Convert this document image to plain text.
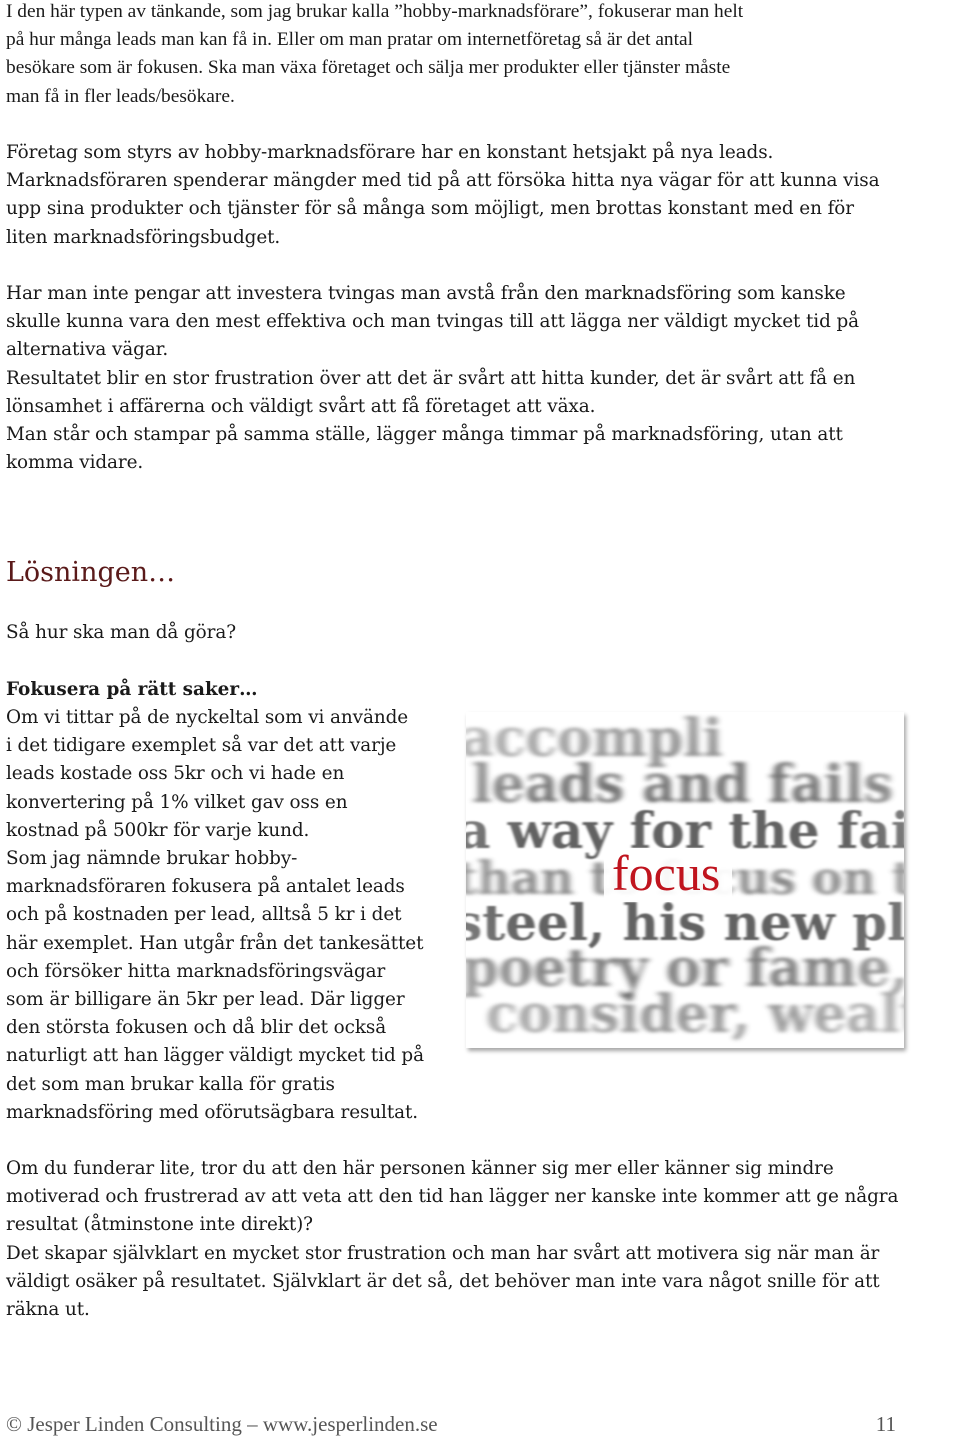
I den här typen av tänkande, som jag brukar kalla ”hobby-marknadsförare”, fokuserar man helt
på hur många leads man kan få in. Eller om man pratar om internetföretag så är det antal
besökare som är fokusen. Ska man växa företaget och sälja mer produkter eller tjänster måste
man få in fler leads/besökare.

Företag som styrs av hobby-marknadsförare har en konstant hetsjakt på nya leads.
Marknadsföraren spenderar mängder med tid på att försöka hitta nya vägar för att kunna visa
upp sina produkter och tjänster för så många som möjligt, men brottas konstant med en för
liten marknadsföringsbudget.

Har man inte pengar att investera tvingas man avstå från den marknadsföring som kanske
skulle kunna vara den mest effektiva och man tvingas till att lägga ner väldigt mycket tid på
alternativa vägar.
Resultatet blir en stor frustration över att det är svårt att hitta kunder, det är svårt att få en
lönsamhet i affärerna och väldigt svårt att få företaget att växa.
Man står och stampar på samma ställe, lägger många timmar på marknadsföring, utan att
komma vidare.

Lösningen…

Så hur ska man då göra?

Fokusera på rätt saker…

Om vi tittar på de nyckeltal som vi använde
i det tidigare exemplet så var det att varje
leads kostade oss 5kr och vi hade en
konvertering på 1% vilket gav oss en
kostnad på 500kr för varje kund.
Som jag nämnde brukar hobby-
marknadsföraren fokusera på antalet leads
och på kostnaden per lead, alltså 5 kr i det
här exemplet. Han utgår från det tankesättet
och försöker hitta marknadsföringsvägar
som är billigare än 5kr per lead. Där ligger
den största fokusen och då blir det också
naturligt att han lägger väldigt mycket tid på
det som man brukar kalla för gratis
marknadsföring med oförutsägbara resultat.

focus

Om du funderar lite, tror du att den här personen känner sig mer eller känner sig mindre
motiverad och frustrerad av att veta att den tid han lägger ner kanske inte kommer att ge några
resultat (åtminstone inte direkt)?
Det skapar självklart en mycket stor frustration och man har svårt att motivera sig när man är
väldigt osäker på resultatet. Självklart är det så, det behöver man inte vara något snille för att
räkna ut.

© Jesper Linden Consulting – www.jesperlinden.se	11
